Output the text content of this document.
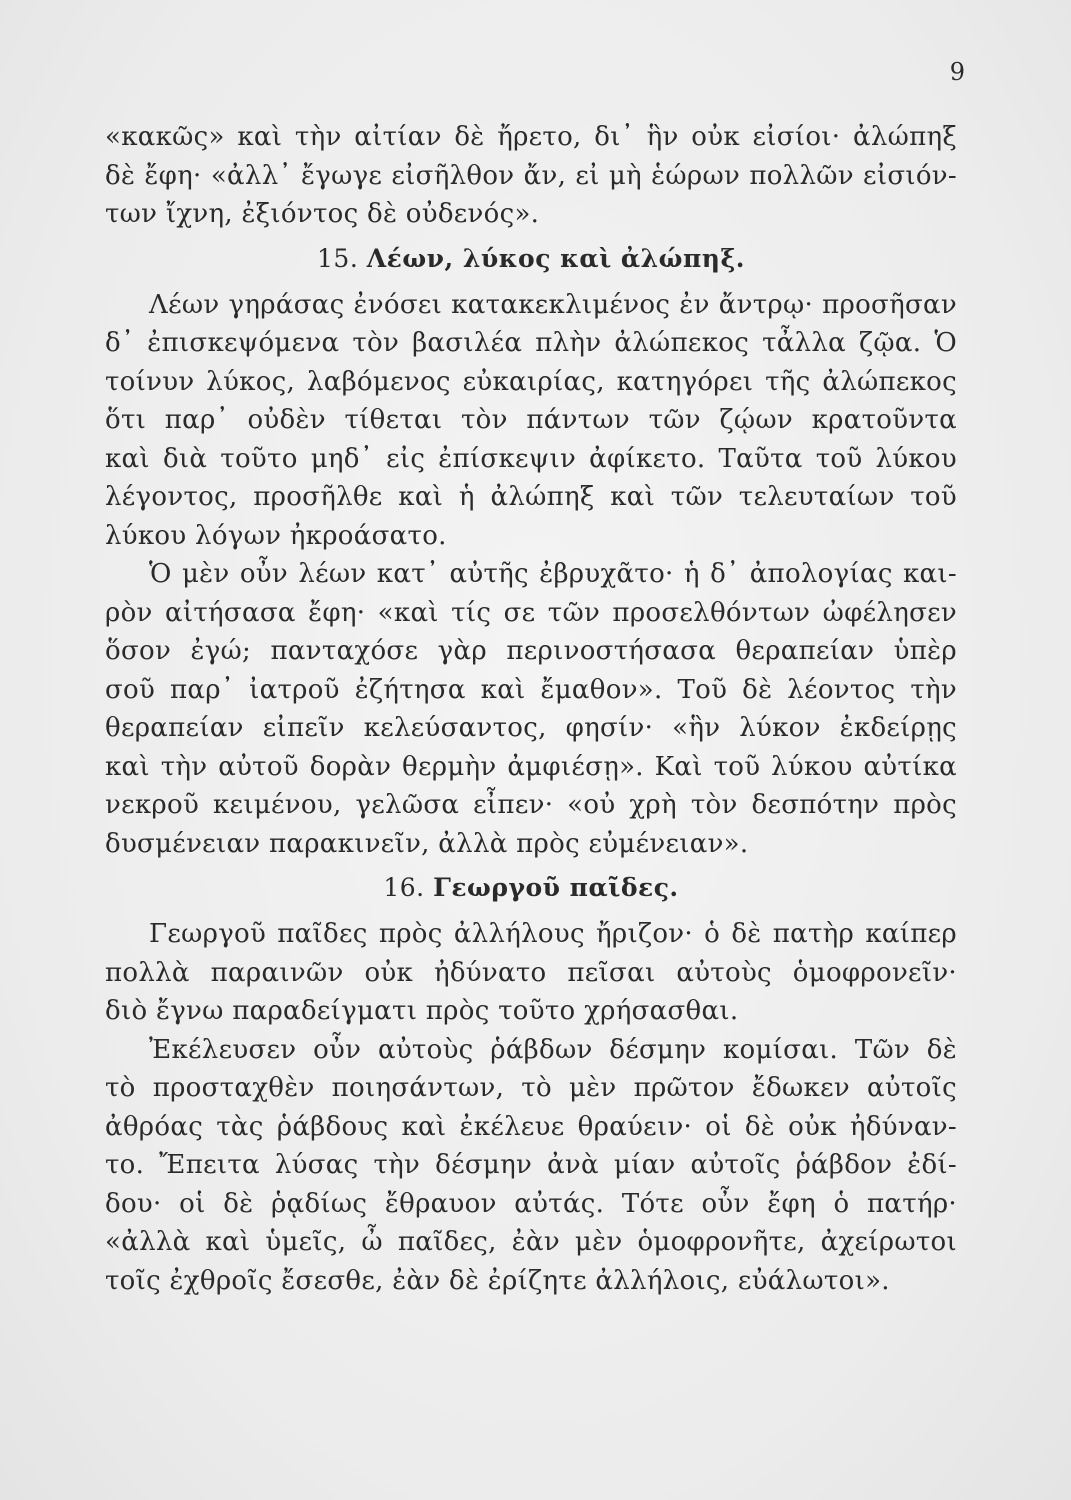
9
«κακῶς» καὶ τὴν αἰτίαν δὲ ἤρετο, δι᾿ ἣν οὐκ εἰσίοι· ἀλώπηξ
δὲ ἔφη· «ἀλλ᾿ ἔγωγε εἰσῆλθον ἄν, εἰ μὴ ἑώρων πολλῶν εἰσιόν-
των ἴχνη, ἐξιόντος δὲ οὐδενός».
15. Λέων, λύκος καὶ ἀλώπηξ.
Λέων γηράσας ἐνόσει κατακεκλιμένος ἐν ἄντρῳ· προσῆσαν
δ᾿ ἐπισκεψόμενα τὸν βασιλέα πλὴν ἀλώπεκος τἆλλα ζῷα. Ὁ
τοίνυν λύκος, λαβόμενος εὐκαιρίας, κατηγόρει τῆς ἀλώπεκος
ὅτι παρ᾿ οὐδὲν τίθεται τὸν πάντων τῶν ζῴων κρατοῦντα
καὶ διὰ τοῦτο μηδ᾿ εἰς ἐπίσκεψιν ἀφίκετο. Ταῦτα τοῦ λύκου
λέγοντος, προσῆλθε καὶ ἡ ἀλώπηξ καὶ τῶν τελευταίων τοῦ
λύκου λόγων ἠκροάσατο.
Ὁ μὲν οὖν λέων κατ᾿ αὐτῆς ἐβρυχᾶτο· ἡ δ᾿ ἀπολογίας και-
ρὸν αἰτήσασα ἔφη· «καὶ τίς σε τῶν προσελθόντων ὠφέλησεν
ὅσον ἐγώ; πανταχόσε γὰρ περινοστήσασα θεραπείαν ὑπὲρ
σοῦ παρ᾿ ἰατροῦ ἐζήτησα καὶ ἔμαθον». Τοῦ δὲ λέοντος τὴν
θεραπείαν εἰπεῖν κελεύσαντος, φησίν· «ἣν λύκον ἐκδείρῃς
καὶ τὴν αὐτοῦ δορὰν θερμὴν ἀμφιέσῃ». Καὶ τοῦ λύκου αὐτίκα
νεκροῦ κειμένου, γελῶσα εἶπεν· «οὐ χρὴ τὸν δεσπότην πρὸς
δυσμένειαν παρακινεῖν, ἀλλὰ πρὸς εὐμένειαν».
16. Γεωργοῦ παῖδες.
Γεωργοῦ παῖδες πρὸς ἀλλήλους ἤριζον· ὁ δὲ πατὴρ καίπερ
πολλὰ παραινῶν οὐκ ἠδύνατο πεῖσαι αὐτοὺς ὁμοφρονεῖν·
διὸ ἔγνω παραδείγματι πρὸς τοῦτο χρήσασθαι.
Ἐκέλευσεν οὖν αὐτοὺς ῥάβδων δέσμην κομίσαι. Τῶν δὲ
τὸ προσταχθὲν ποιησάντων, τὸ μὲν πρῶτον ἔδωκεν αὐτοῖς
ἀθρόας τὰς ῥάβδους καὶ ἐκέλευε θραύειν· οἱ δὲ οὐκ ἠδύναν-
το. Ἔπειτα λύσας τὴν δέσμην ἀνὰ μίαν αὐτοῖς ῥάβδον ἐδί-
δου· οἱ δὲ ῥᾳδίως ἔθραυον αὐτάς. Τότε οὖν ἔφη ὁ πατήρ·
«ἀλλὰ καὶ ὑμεῖς, ὦ παῖδες, ἐὰν μὲν ὁμοφρονῆτε, ἀχείρωτοι
τοῖς ἐχθροῖς ἔσεσθε, ἐὰν δὲ ἐρίζητε ἀλλήλοις, εὐάλωτοι».
